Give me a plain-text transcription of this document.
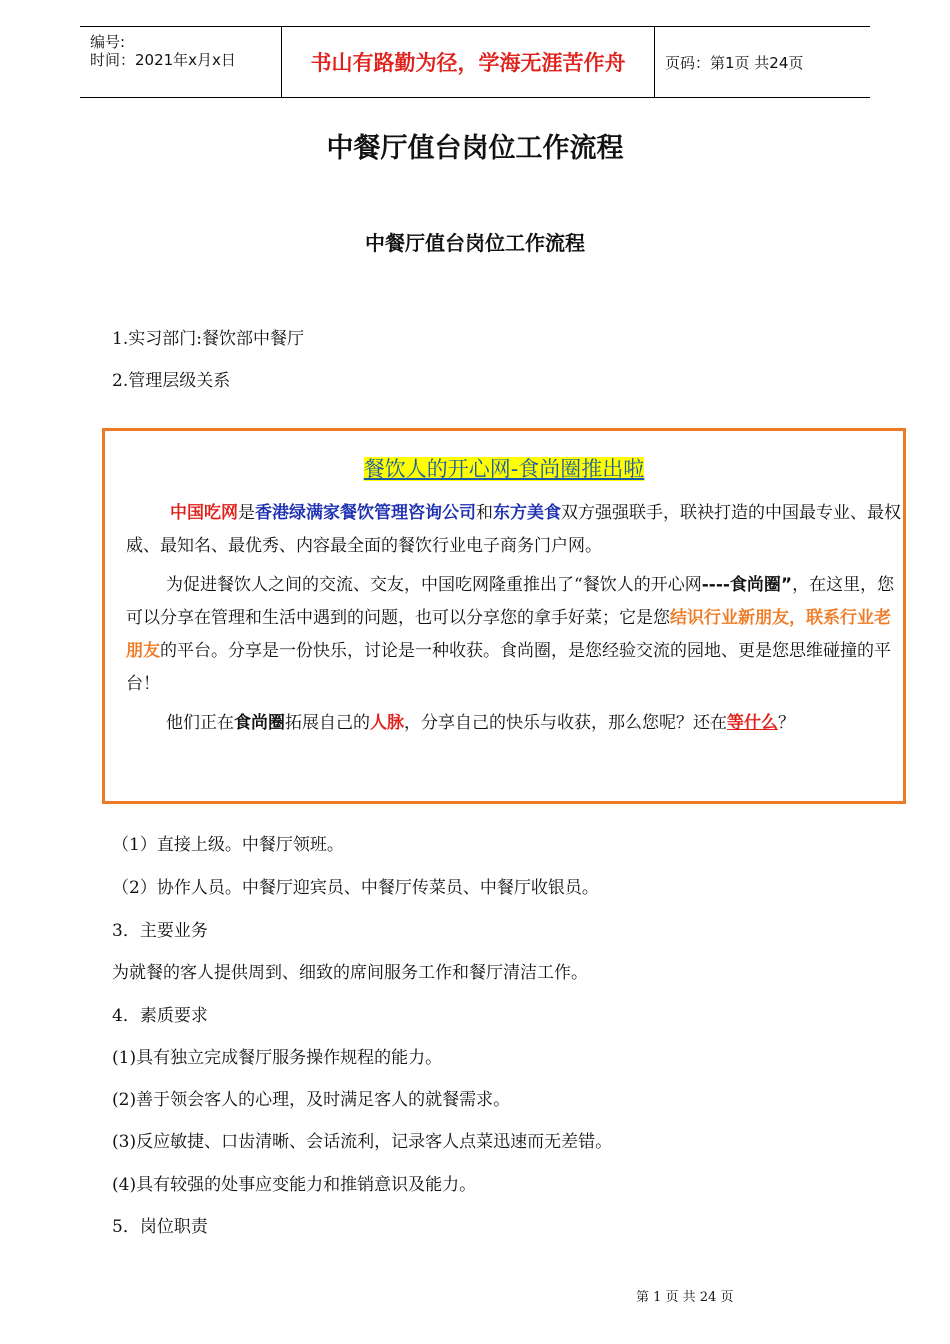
编号:
时间：2021年x月x日	书山有路勤为径，学海无涯苦作舟	页码：第1页 共24页
中餐厅值台岗位工作流程
中餐厅值台岗位工作流程
1.实习部门:餐饮部中餐厅
2.管理层级关系
餐饮人的开心网-食尚圈推出啦

中国吃网是香港绿满家餐饮管理咨询公司和东方美食双方强强联手，联袂打造的中国最专业、最权威、最知名、最优秀、内容最全面的餐饮行业电子商务门户网。

为促进餐饮人之间的交流、交友，中国吃网隆重推出了“餐饮人的开心网----食尚圈”，在这里，您可以分享在管理和生活中遇到的问题，也可以分享您的拿手好菜；它是您结识行业新朋友，联系行业老朋友的平台。分享是一份快乐，讨论是一种收获。食尚圈，是您经验交流的园地、更是您思维碰撞的平台！

他们正在食尚圈拓展自己的人脉，分享自己的快乐与收获，那么您呢？还在等什么？

（1）直接上级。中餐厅领班。
（2）协作人员。中餐厅迎宾员、中餐厅传菜员、中餐厅收银员。
3．主要业务
为就餐的客人提供周到、细致的席间服务工作和餐厅清洁工作。
4．素质要求
(1)具有独立完成餐厅服务操作规程的能力。
(2)善于领会客人的心理，及时满足客人的就餐需求。
(3)反应敏捷、口齿清晰、会话流利，记录客人点菜迅速而无差错。
(4)具有较强的处事应变能力和推销意识及能力。
5．岗位职责
第 1 页 共 24 页
